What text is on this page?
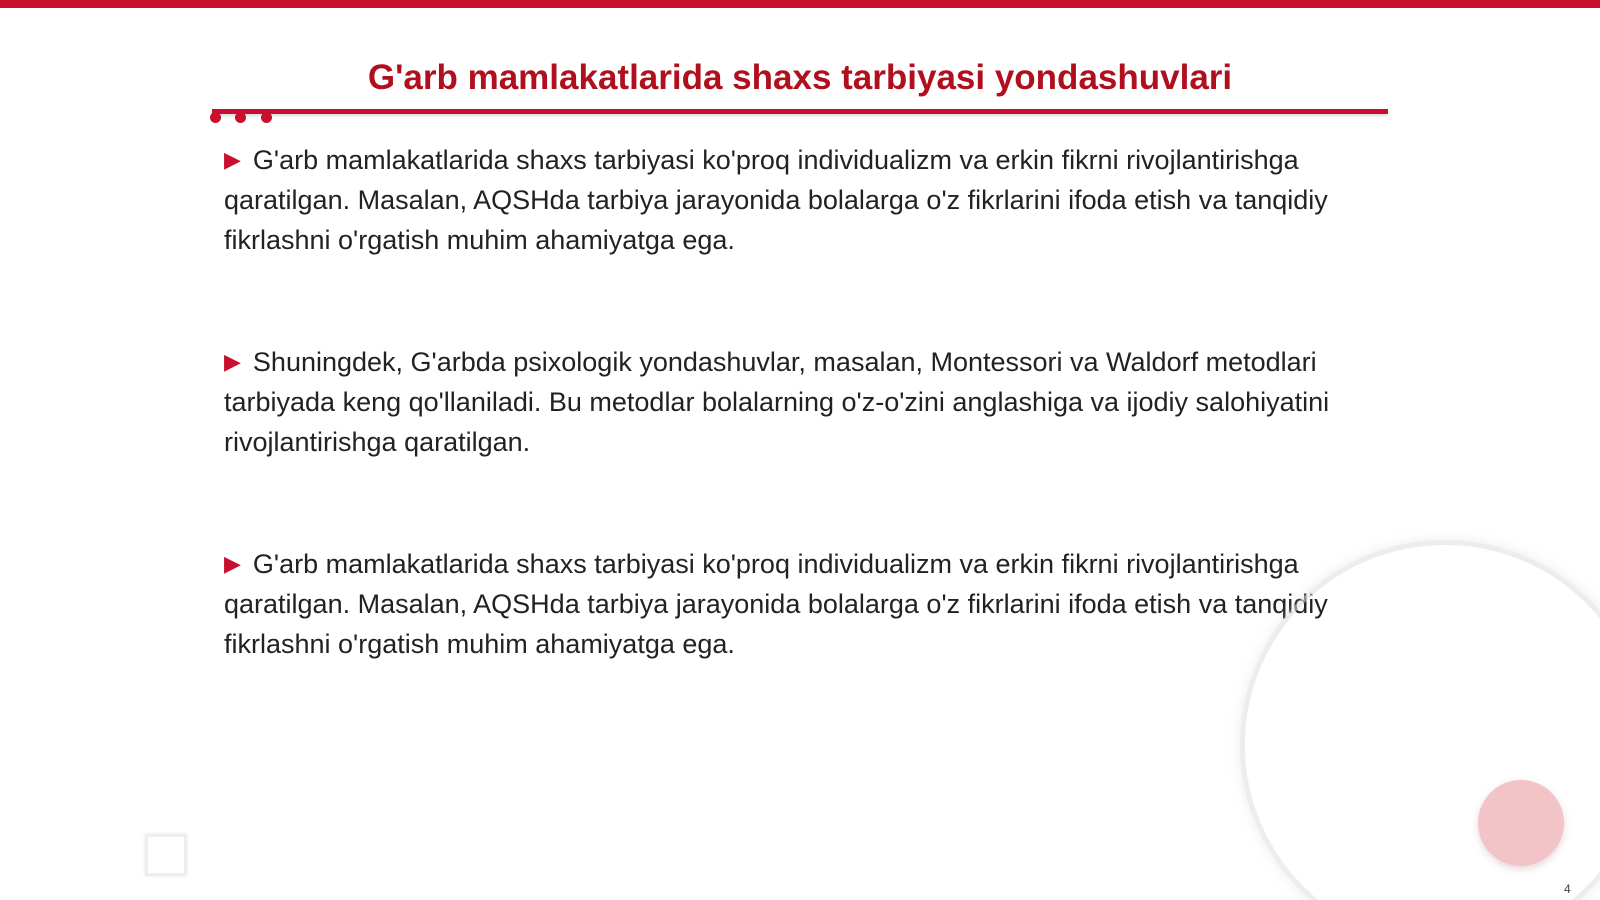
G'arb mamlakatlarida shaxs tarbiyasi yondashuvlari

▶ G'arb mamlakatlarida shaxs tarbiyasi ko'proq individualizm va erkin fikrni rivojlantirishga qaratilgan. Masalan, AQSHda tarbiya jarayonida bolalarga o'z fikrlarini ifoda etish va tanqidiy fikrlashni o'rgatish muhim ahamiyatga ega.

▶ Shuningdek, G'arbda psixologik yondashuvlar, masalan, Montessori va Waldorf metodlari tarbiyada keng qo'llaniladi. Bu metodlar bolalarning o'z-o'zini anglashiga va ijodiy salohiyatini rivojlantirishga qaratilgan.

▶ G'arb mamlakatlarida shaxs tarbiyasi ko'proq individualizm va erkin fikrni rivojlantirishga qaratilgan. Masalan, AQSHda tarbiya jarayonida bolalarga o'z fikrlarini ifoda etish va tanqidiy fikrlashni o'rgatish muhim ahamiyatga ega.

4
